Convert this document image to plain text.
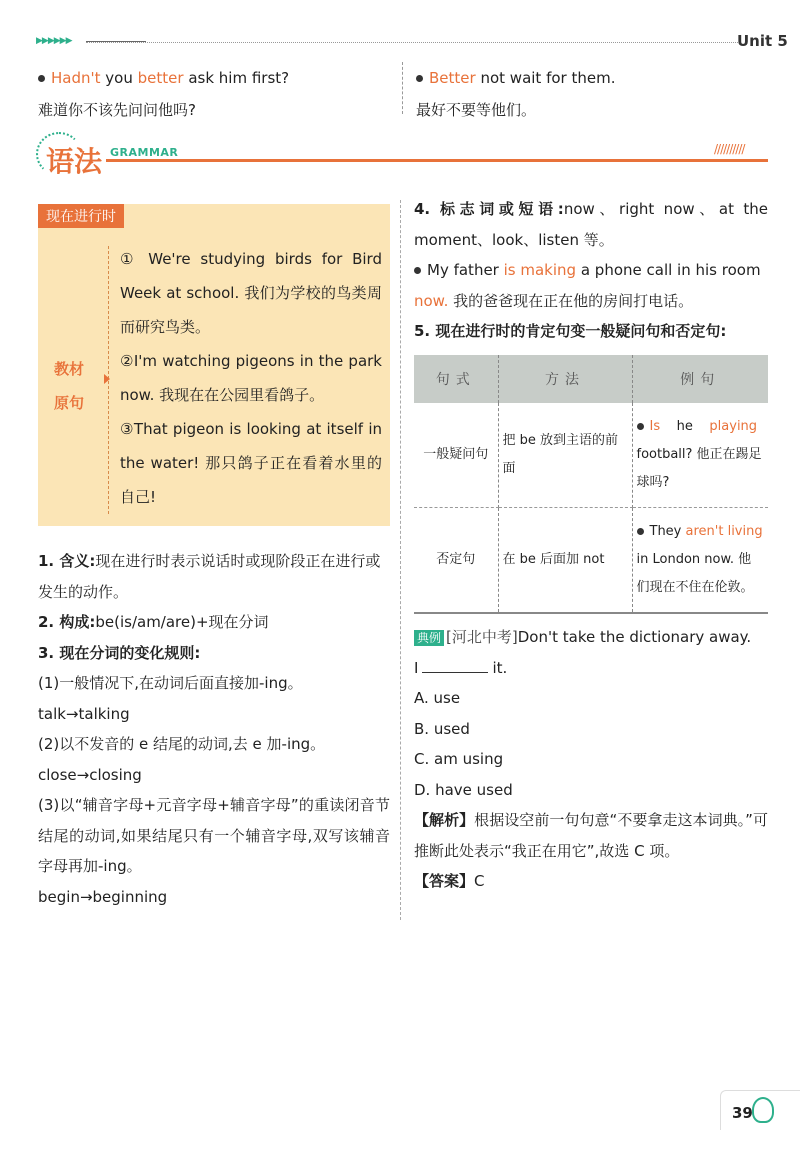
▶▶▶▶▶▶	Unit 5
Hadn't you better ask him first?
难道你不该先问问他吗?
Better not wait for them.
最好不要等他们。
语法 GRAMMAR	//////////
现在进行时
教材
原句
① We're studying birds for Bird Week at school. 我们为学校的鸟类周而研究鸟类。
②I'm watching pigeons in the park now. 我现在在公园里看鸽子。
③That pigeon is looking at itself in the water! 那只鸽子正在看着水里的自己!
1. 含义:现在进行时表示说话时或现阶段正在进行或发生的动作。
2. 构成:be(is/am/are)+现在分词
3. 现在分词的变化规则:
(1)一般情况下,在动词后面直接加-ing。
talk→talking
(2)以不发音的 e 结尾的动词,去 e 加-ing。
close→closing
(3)以“辅音字母+元音字母+辅音字母”的重读闭音节结尾的动词,如果结尾只有一个辅音字母,双写该辅音字母再加-ing。
begin→beginning
4. 标志词或短语:now、right now、at the moment、look、listen 等。
My father is making a phone call in his room
now. 我的爸爸现在正在他的房间打电话。
5. 现在进行时的肯定句变一般疑问句和否定句:
句式	方法	例句
一般疑问句	把 be 放到主语的前面	Is he playing football? 他正在踢足球吗?
否定句	在 be 后面加 not	They aren't living in London now. 他们现在不住在伦敦。
典例 [河北中考]Don't take the dictionary away.
I	it.
A. use
B. used
C. am using
D. have used
【解析】根据设空前一句句意“不要拿走这本词典。”可推断此处表示“我正在用它”,故选 C 项。
【答案】C
39
